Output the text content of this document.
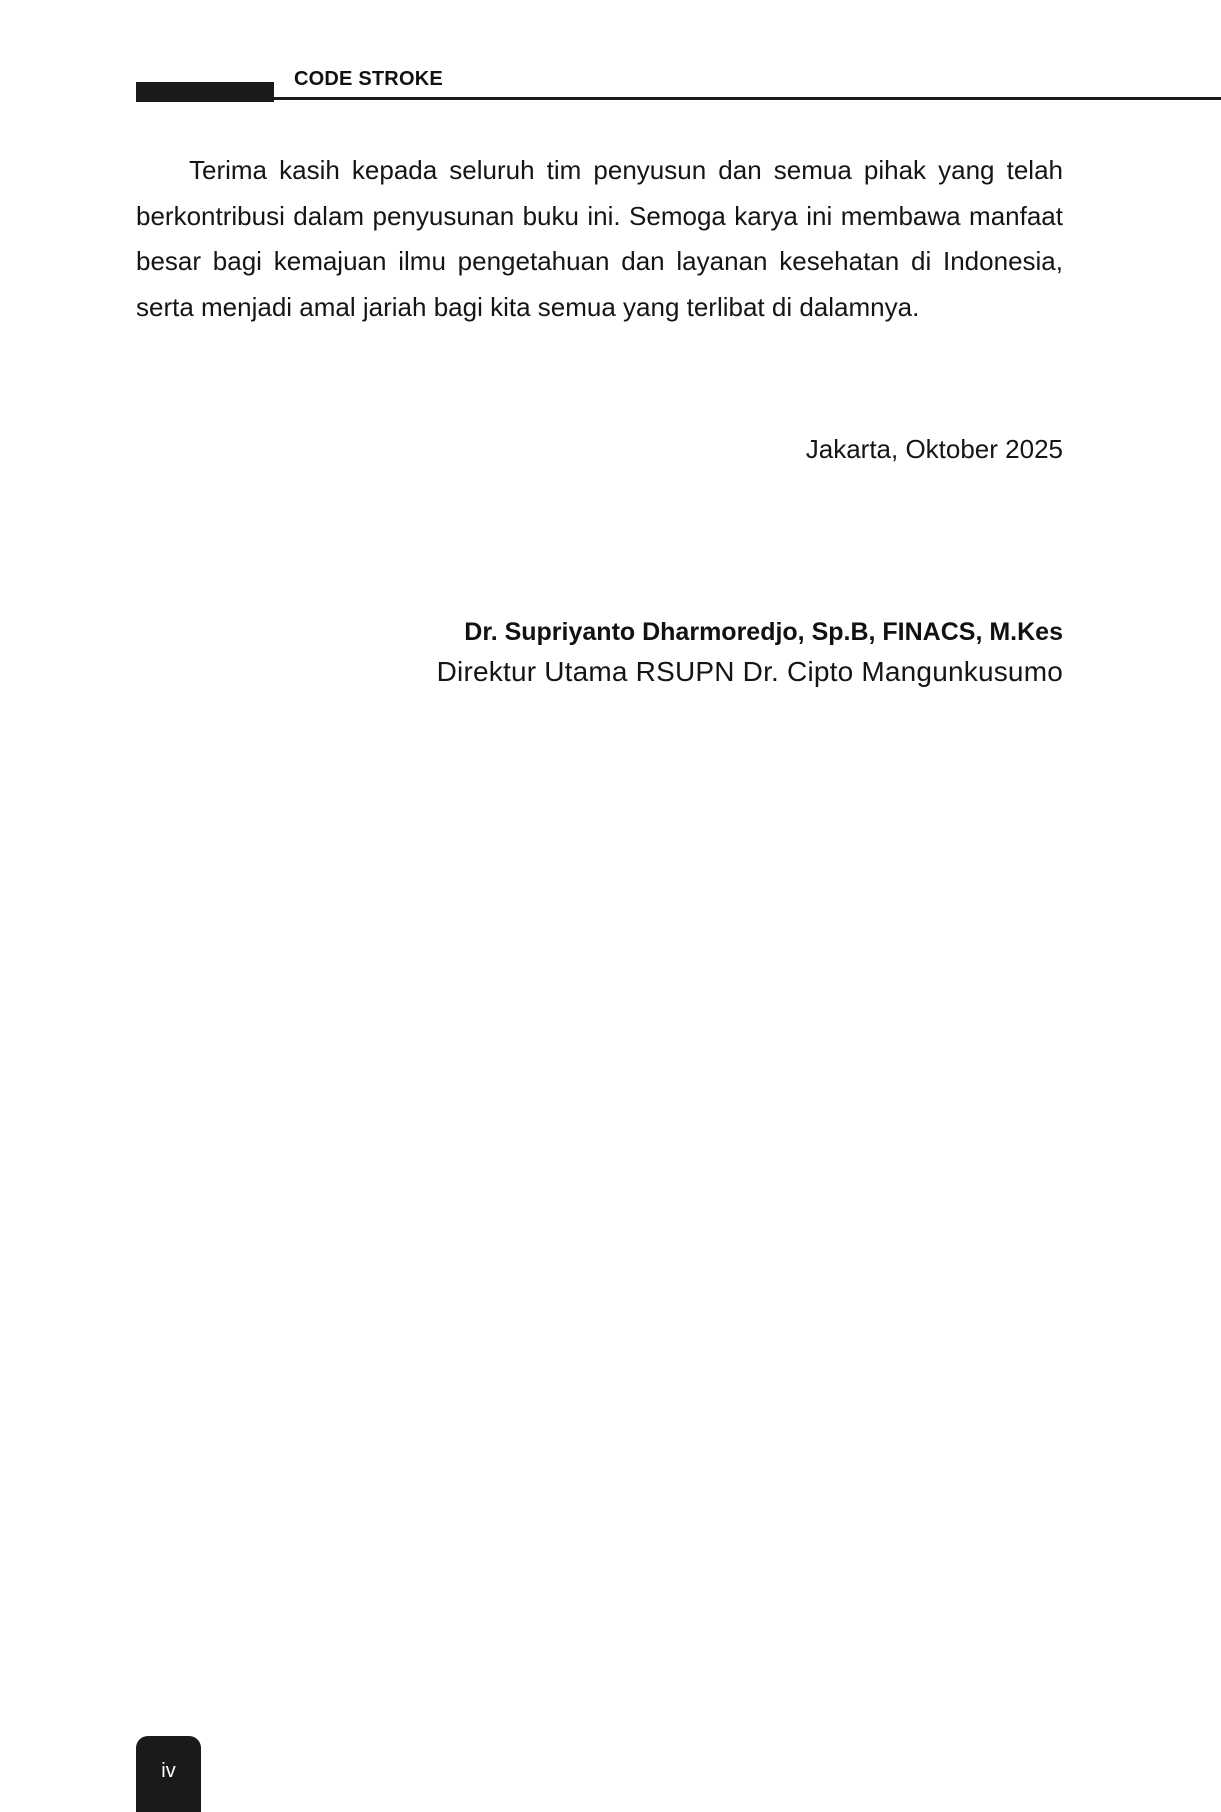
CODE STROKE

Terima kasih kepada seluruh tim penyusun dan semua pihak yang telah berkontribusi dalam penyusunan buku ini. Semoga karya ini membawa manfaat besar bagi kemajuan ilmu pengetahuan dan layanan kesehatan di Indonesia, serta menjadi amal jariah bagi kita semua yang terlibat di dalamnya.

Jakarta, Oktober 2025
Dr. Supriyanto Dharmoredjo, Sp.B, FINACS, M.Kes
Direktur Utama RSUPN Dr. Cipto Mangunkusumo
iv
